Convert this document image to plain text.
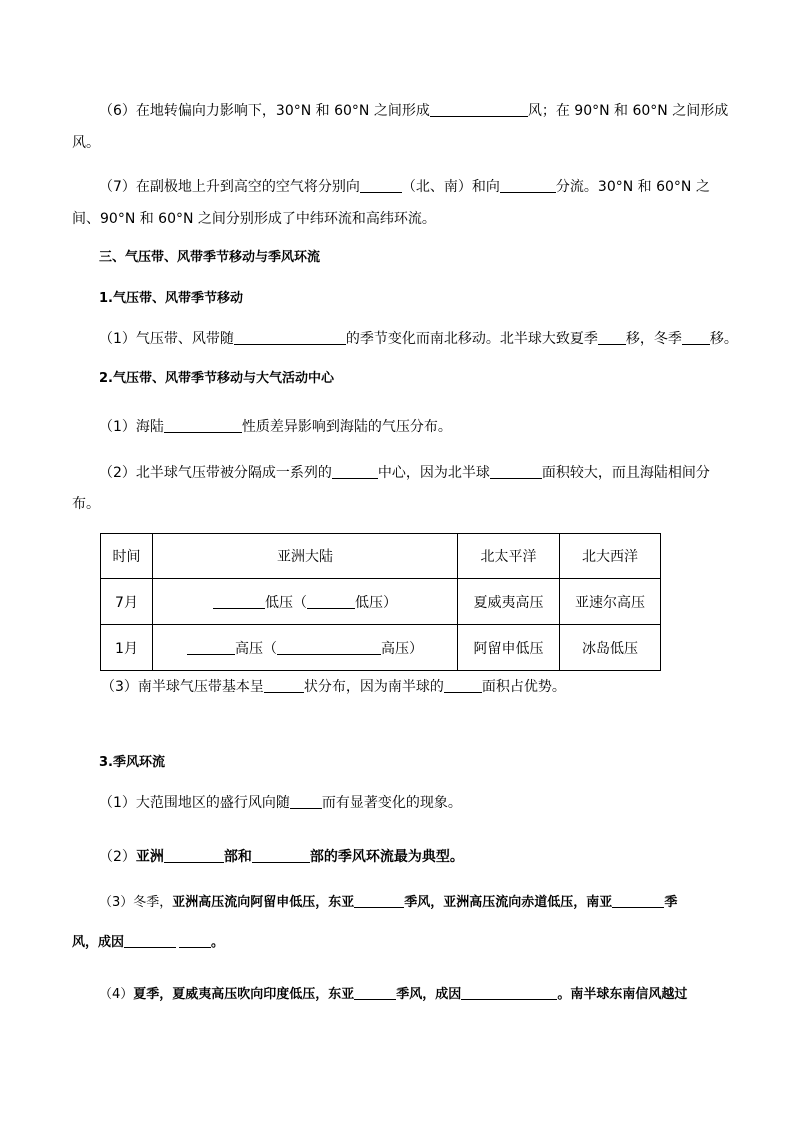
（6）在地转偏向力影响下，30°N 和 60°N 之间形成	风；在 90°N 和 60°N 之间形成
风。
（7）在副极地上升到高空的空气将分别向	（北、南）和向	分流。30°N 和 60°N 之
间、90°N 和 60°N 之间分别形成了中纬环流和高纬环流。
三、气压带、风带季节移动与季风环流
1.气压带、风带季节移动
（1）气压带、风带随	的季节变化而南北移动。北半球大致夏季 移，冬季 移。
2.气压带、风带季节移动与大气活动中心
（1）海陆	性质差异影响到海陆的气压分布。
（2）北半球气压带被分隔成一系列的	中心，因为北半球	面积较大，而且海陆相间分
布。
时间	亚洲大陆	北太平洋	北大西洋
7月	低压（ 低压）	夏威夷高压	亚速尔高压
1月	高压（ 高压）	阿留申低压	冰岛低压
（3）南半球气压带基本呈	状分布，因为南半球的	面积占优势。
3.季风环流
（1）大范围地区的盛行风向随 而有显著变化的现象。
（2）亚洲	部和	部的季风环流最为典型。
（3）冬季，亚洲高压流向阿留申低压，东亚	季风，亚洲高压流向赤道低压，南亚	季
风，成因	。
（4）夏季，夏威夷高压吹向印度低压，东亚	季风，成因	。南半球东南信风越过
